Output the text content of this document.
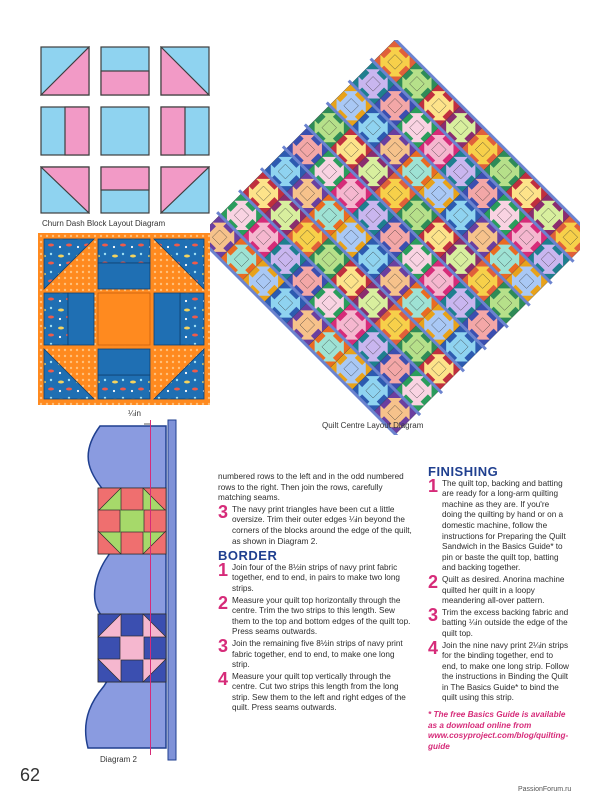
Churn Dash Block Layout Diagram
Quilt Centre Layout Diagram
¼in
Diagram 2

numbered rows to the left and in the odd numbered rows to the right. Then join the rows, carefully matching seams.

3 The navy print triangles have been cut a little oversize. Trim their outer edges ¼in beyond the corners of the blocks around the edge of the quilt, as shown in Diagram 2.
BORDER
1 Join four of the 8½in strips of navy print fabric together, end to end, in pairs to make two long strips.
2 Measure your quilt top horizontally through the centre. Trim the two strips to this length. Sew them to the top and bottom edges of the quilt top. Press seams outwards.
3 Join the remaining five 8½in strips of navy print fabric together, end to end, to make one long strip.
4 Measure your quilt top vertically through the centre. Cut two strips this length from the long strip. Sew them to the left and right edges of the quilt. Press seams outwards.
FINISHING
1 The quilt top, backing and batting are ready for a long-arm quilting machine as they are. If you're doing the quilting by hand or on a domestic machine, follow the instructions for Preparing the Quilt Sandwich in the Basics Guide* to pin or baste the quilt top, batting and backing together.
2 Quilt as desired. Anorina machine quilted her quilt in a loopy meandering all-over pattern.
3 Trim the excess backing fabric and batting ¼in outside the edge of the quilt top.
4 Join the nine navy print 2¼in strips for the binding together, end to end, to make one long strip. Follow the instructions in Binding the Quilt in The Basics Guide* to bind the quilt using this strip.
* The free Basics Guide is available as a download online from www.cosyproject.com/blog/quilting-guide
62
PassionForum.ru
